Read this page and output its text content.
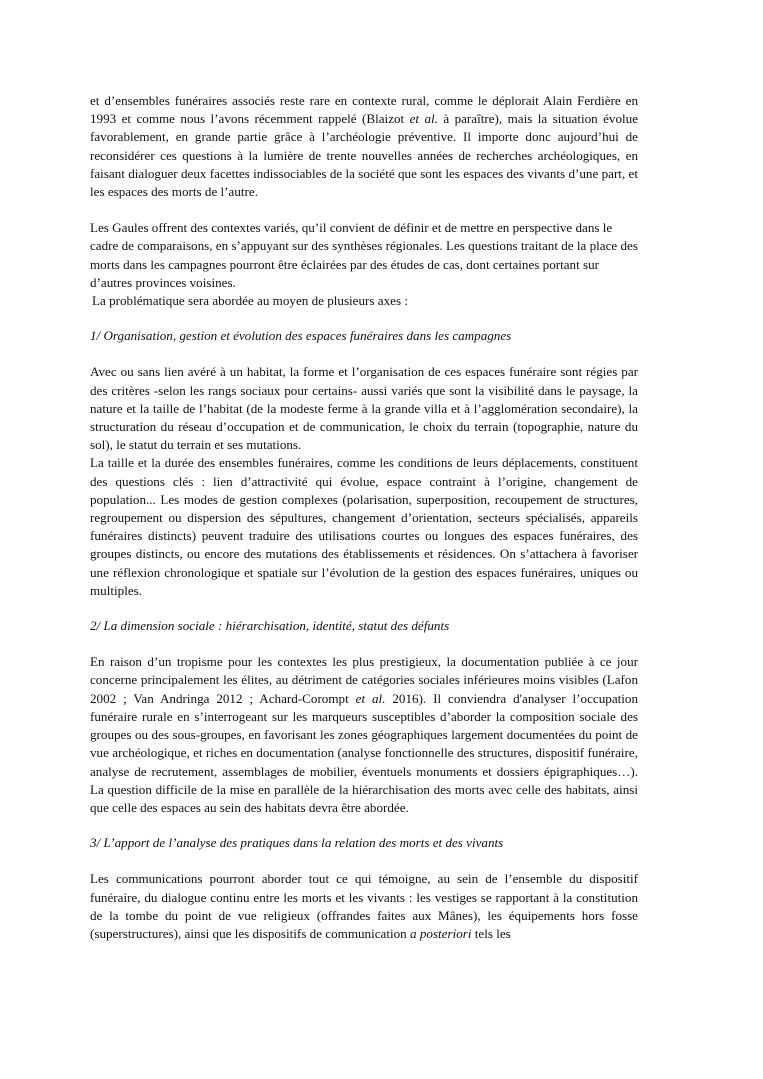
et d’ensembles funéraires associés reste rare en contexte rural, comme le déplorait Alain Ferdière en 1993 et comme nous l’avons récemment rappelé (Blaizot et al. à paraître), mais la situation évolue favorablement, en grande partie grâce à l’archéologie préventive. Il importe donc aujourd’hui de reconsidérer ces questions à la lumière de trente nouvelles années de recherches archéologiques, en faisant dialoguer deux facettes indissociables de la société que sont les espaces des vivants d’une part, et les espaces des morts de l’autre.

Les Gaules offrent des contextes variés, qu’il convient de définir et de mettre en perspective dans le cadre de comparaisons, en s’appuyant sur des synthèses régionales. Les questions traitant de la place des morts dans les campagnes pourront être éclairées par des études de cas, dont certaines portant sur d’autres provinces voisines.

La problématique sera abordée au moyen de plusieurs axes :

1/ Organisation, gestion et évolution des espaces funéraires dans les campagnes

Avec ou sans lien avéré à un habitat, la forme et l’organisation de ces espaces funéraire sont régies par des critères -selon les rangs sociaux pour certains- aussi variés que sont la visibilité dans le paysage, la nature et la taille de l’habitat (de la modeste ferme à la grande villa et à l’agglomération secondaire), la structuration du réseau d’occupation et de communication, le choix du terrain (topographie, nature du sol), le statut du terrain et ses mutations.

La taille et la durée des ensembles funéraires, comme les conditions de leurs déplacements, constituent des questions clés : lien d’attractivité qui évolue, espace contraint à l’origine, changement de population... Les modes de gestion complexes (polarisation, superposition, recoupement de structures, regroupement ou dispersion des sépultures, changement d’orientation, secteurs spécialisés, appareils funéraires distincts) peuvent traduire des utilisations courtes ou longues des espaces funéraires, des groupes distincts, ou encore des mutations des établissements et résidences. On s’attachera à favoriser une réflexion chronologique et spatiale sur l’évolution de la gestion des espaces funéraires, uniques ou multiples.

2/ La dimension sociale : hiérarchisation, identité, statut des défunts

En raison d’un tropisme pour les contextes les plus prestigieux, la documentation publiée à ce jour concerne principalement les élites, au détriment de catégories sociales inférieures moins visibles (Lafon 2002 ; Van Andringa 2012 ; Achard-Corompt et al. 2016). Il conviendra d'analyser l’occupation funéraire rurale en s’interrogeant sur les marqueurs susceptibles d’aborder la composition sociale des groupes ou des sous-groupes, en favorisant les zones géographiques largement documentées du point de vue archéologique, et riches en documentation (analyse fonctionnelle des structures, dispositif funéraire, analyse de recrutement, assemblages de mobilier, éventuels monuments et dossiers épigraphiques…). La question difficile de la mise en parallèle de la hiérarchisation des morts avec celle des habitats, ainsi que celle des espaces au sein des habitats devra être abordée.

3/ L’apport de l’analyse des pratiques dans la relation des morts et des vivants

Les communications pourront aborder tout ce qui témoigne, au sein de l’ensemble du dispositif funéraire, du dialogue continu entre les morts et les vivants : les vestiges se rapportant à la constitution de la tombe du point de vue religieux (offrandes faites aux Mânes), les équipements hors fosse (superstructures), ainsi que les dispositifs de communication a posteriori tels les
